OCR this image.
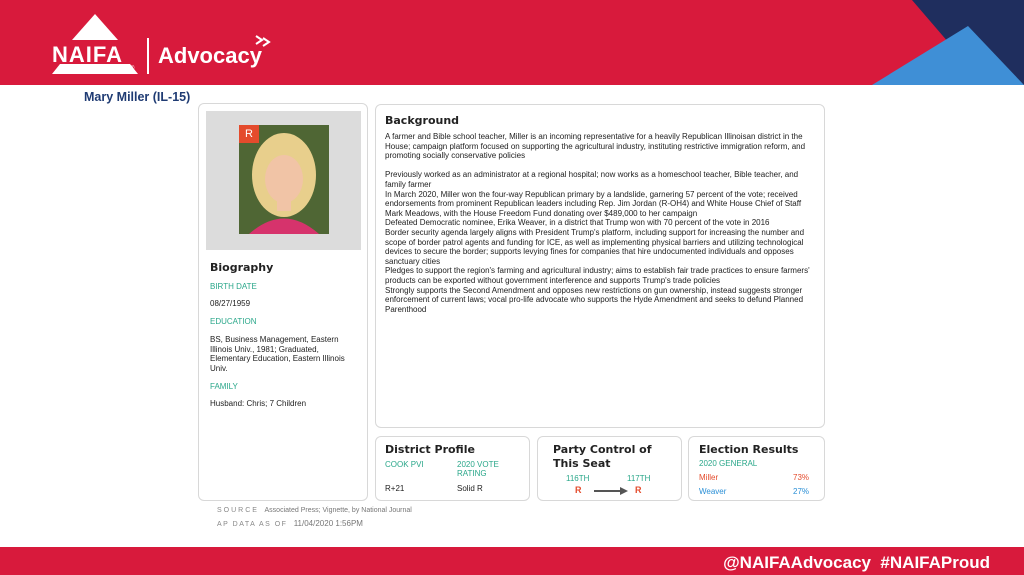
NAIFA
®
Advocacy
Mary Miller (IL-15)
R
Biography
BIRTH DATE
08/27/1959
EDUCATION
BS, Business Management, Eastern Illinois Univ., 1981; Graduated, Elementary Education, Eastern Illinois Univ.
FAMILY
Husband: Chris; 7 Children
Background

A farmer and Bible school teacher, Miller is an incoming representative for a heavily Republican Illinoisan district in the House; campaign platform focused on supporting the agricultural industry, instituting restrictive immigration reform, and promoting socially conservative policies

Previously worked as an administrator at a regional hospital; now works as a homeschool teacher, Bible teacher, and family farmer

In March 2020, Miller won the four-way Republican primary by a landslide, garnering 57 percent of the vote; received endorsements from prominent Republican leaders including Rep. Jim Jordan (R-OH4) and White House Chief of Staff Mark Meadows, with the House Freedom Fund donating over $489,000 to her campaign

Defeated Democratic nominee, Erika Weaver, in a district that Trump won with 70 percent of the vote in 2016

Border security agenda largely aligns with President Trump's platform, including support for increasing the number and scope of border patrol agents and funding for ICE, as well as implementing physical barriers and utilizing technological devices to secure the border; supports levying fines for companies that hire undocumented individuals and opposes sanctuary cities

Pledges to support the region's farming and agricultural industry; aims to establish fair trade practices to ensure farmers' products can be exported without government interference and supports Trump's trade policies

Strongly supports the Second Amendment and opposes new restrictions on gun ownership, instead suggests stronger enforcement of current laws; vocal pro-life advocate who supports the Hyde Amendment and seeks to defund Planned Parenthood

District Profile
COOK PVI	2020 VOTE RATING
R+21	Solid R
Party Control of This Seat
116TH	117TH
R	R
Election Results
2020 GENERAL
Miller	73%
Weaver	27%
SOURCE Associated Press; Vignette, by National Journal
AP DATA AS OF 11/04/2020 1:56PM
@NAIFAAdvocacy  #NAIFAProud
